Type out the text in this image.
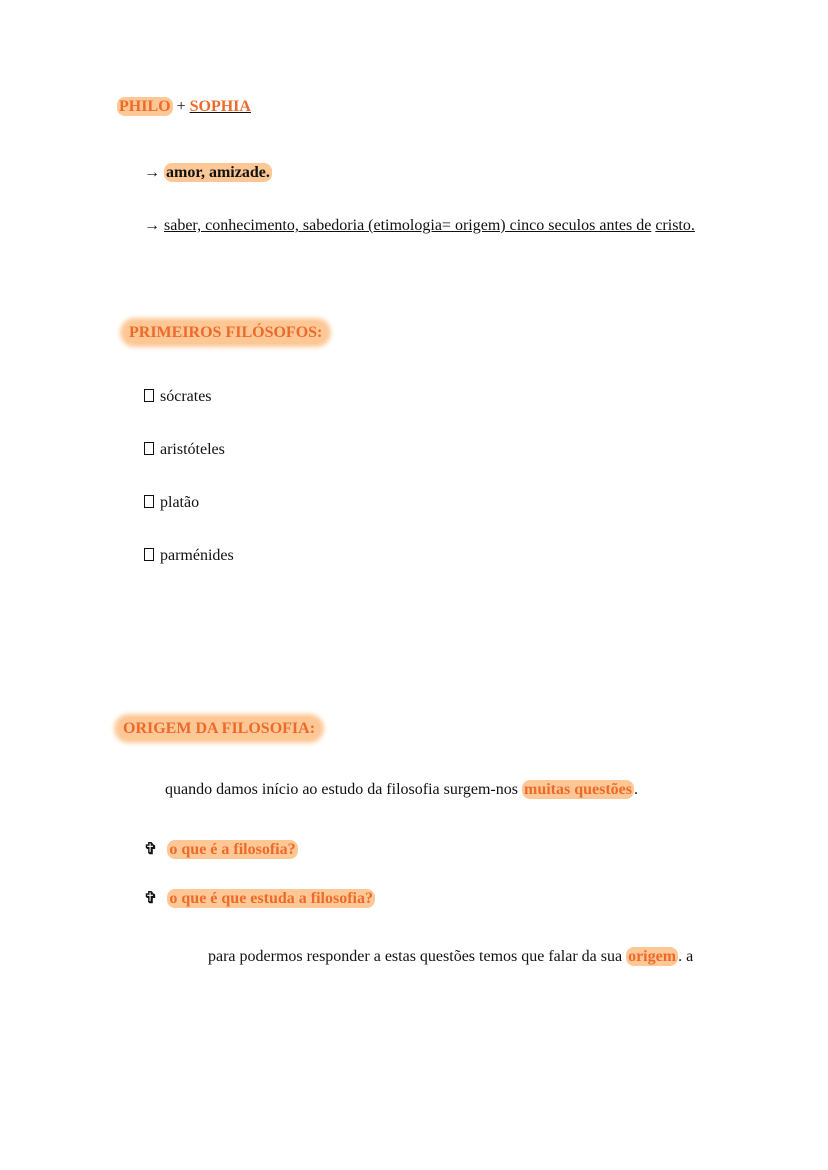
PHILO + SOPHIA
→ amor, amizade.
→ saber, conhecimento, sabedoria (etimologia= origem) cinco seculos antes de cristo.
PRIMEIROS FILÓSOFOS:
sócrates
aristóteles
platão
parménides
ORIGEM DA FILOSOFIA:
quando damos início ao estudo da filosofia surgem-nos muitas questões .
✞ o que é a filosofia?
✞ o que é que estuda a filosofia?
para podermos responder a estas questões temos que falar da sua origem . a
